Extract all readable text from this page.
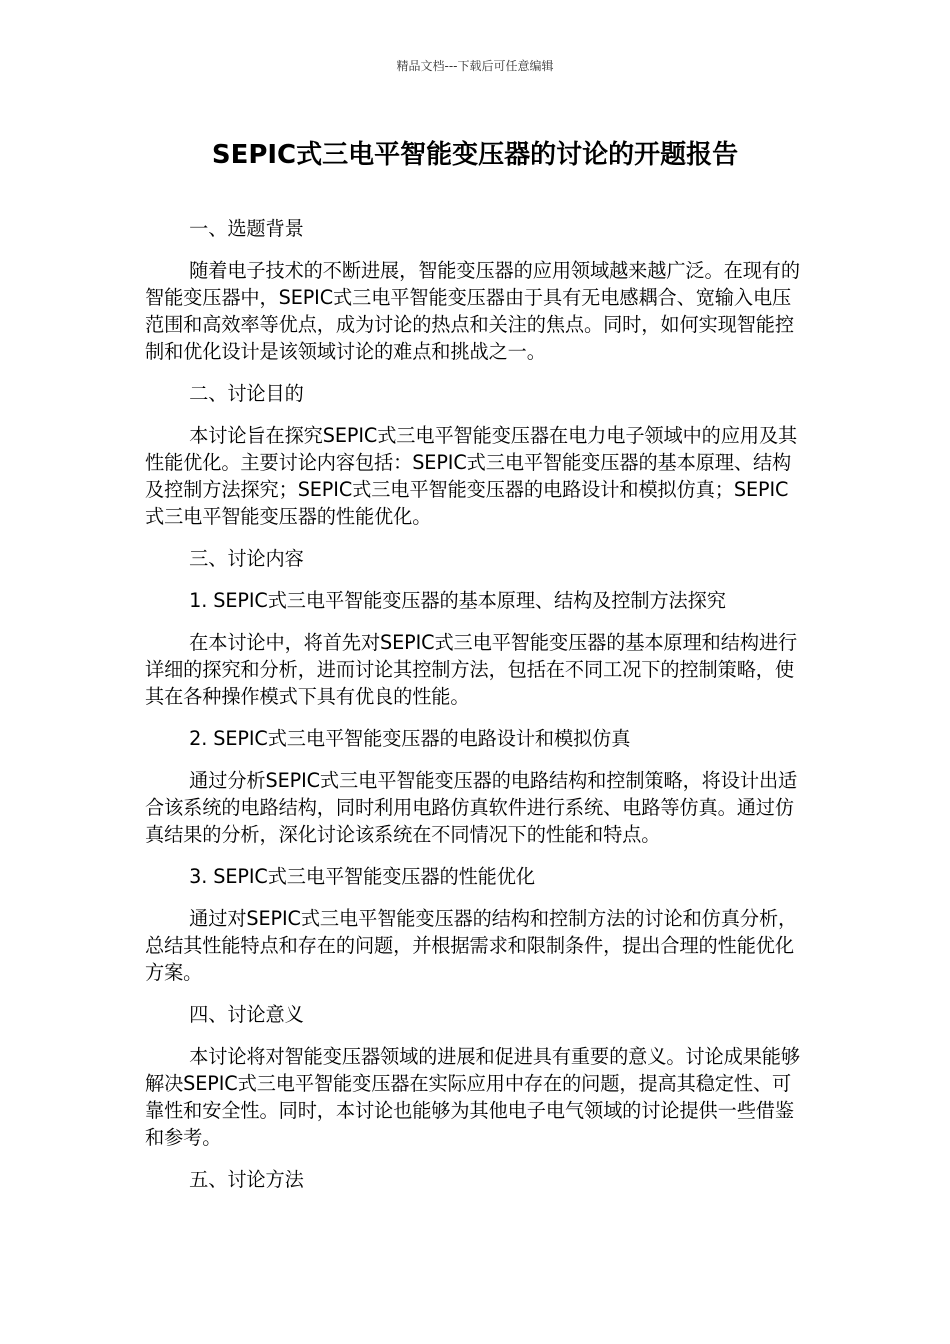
精品文档---下载后可任意编辑
SEPIC式三电平智能变压器的讨论的开题报告

一、选题背景

随着电子技术的不断进展，智能变压器的应用领域越来越广泛。在现有的智能变压器中，SEPIC式三电平智能变压器由于具有无电感耦合、宽输入电压范围和高效率等优点，成为讨论的热点和关注的焦点。同时，如何实现智能控制和优化设计是该领域讨论的难点和挑战之一。

二、讨论目的

本讨论旨在探究SEPIC式三电平智能变压器在电力电子领域中的应用及其性能优化。主要讨论内容包括：SEPIC式三电平智能变压器的基本原理、结构及控制方法探究；SEPIC式三电平智能变压器的电路设计和模拟仿真；SEPIC式三电平智能变压器的性能优化。

三、讨论内容

1. SEPIC式三电平智能变压器的基本原理、结构及控制方法探究

在本讨论中，将首先对SEPIC式三电平智能变压器的基本原理和结构进行详细的探究和分析，进而讨论其控制方法，包括在不同工况下的控制策略，使其在各种操作模式下具有优良的性能。

2. SEPIC式三电平智能变压器的电路设计和模拟仿真

通过分析SEPIC式三电平智能变压器的电路结构和控制策略，将设计出适合该系统的电路结构，同时利用电路仿真软件进行系统、电路等仿真。通过仿真结果的分析，深化讨论该系统在不同情况下的性能和特点。

3. SEPIC式三电平智能变压器的性能优化

通过对SEPIC式三电平智能变压器的结构和控制方法的讨论和仿真分析，总结其性能特点和存在的问题，并根据需求和限制条件，提出合理的性能优化方案。

四、讨论意义

本讨论将对智能变压器领域的进展和促进具有重要的意义。讨论成果能够解决SEPIC式三电平智能变压器在实际应用中存在的问题，提高其稳定性、可靠性和安全性。同时，本讨论也能够为其他电子电气领域的讨论提供一些借鉴和参考。

五、讨论方法
